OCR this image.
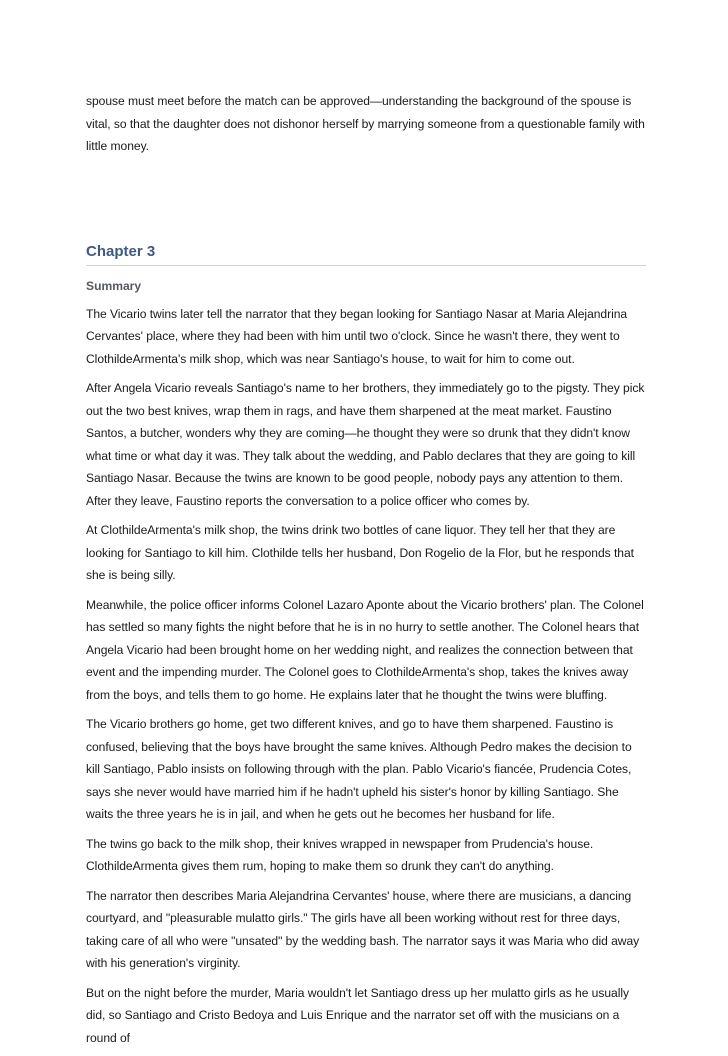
spouse must meet before the match can be approved—understanding the background of the spouse is vital, so that the daughter does not dishonor herself by marrying someone from a questionable family with little money.

Chapter 3
Summary

The Vicario twins later tell the narrator that they began looking for Santiago Nasar at Maria Alejandrina Cervantes' place, where they had been with him until two o'clock. Since he wasn't there, they went to ClothildeArmenta's milk shop, which was near Santiago's house, to wait for him to come out.

After Angela Vicario reveals Santiago's name to her brothers, they immediately go to the pigsty. They pick out the two best knives, wrap them in rags, and have them sharpened at the meat market. Faustino Santos, a butcher, wonders why they are coming—he thought they were so drunk that they didn't know what time or what day it was. They talk about the wedding, and Pablo declares that they are going to kill Santiago Nasar. Because the twins are known to be good people, nobody pays any attention to them. After they leave, Faustino reports the conversation to a police officer who comes by.

At ClothildeArmenta's milk shop, the twins drink two bottles of cane liquor. They tell her that they are looking for Santiago to kill him. Clothilde tells her husband, Don Rogelio de la Flor, but he responds that she is being silly.

Meanwhile, the police officer informs Colonel Lazaro Aponte about the Vicario brothers' plan. The Colonel has settled so many fights the night before that he is in no hurry to settle another. The Colonel hears that Angela Vicario had been brought home on her wedding night, and realizes the connection between that event and the impending murder. The Colonel goes to ClothildeArmenta's shop, takes the knives away from the boys, and tells them to go home. He explains later that he thought the twins were bluffing.

The Vicario brothers go home, get two different knives, and go to have them sharpened. Faustino is confused, believing that the boys have brought the same knives. Although Pedro makes the decision to kill Santiago, Pablo insists on following through with the plan. Pablo Vicario's fiancée, Prudencia Cotes, says she never would have married him if he hadn't upheld his sister's honor by killing Santiago. She waits the three years he is in jail, and when he gets out he becomes her husband for life.

The twins go back to the milk shop, their knives wrapped in newspaper from Prudencia's house. ClothildeArmenta gives them rum, hoping to make them so drunk they can't do anything.

The narrator then describes Maria Alejandrina Cervantes' house, where there are musicians, a dancing courtyard, and "pleasurable mulatto girls." The girls have all been working without rest for three days, taking care of all who were "unsated" by the wedding bash. The narrator says it was Maria who did away with his generation's virginity.

But on the night before the murder, Maria wouldn't let Santiago dress up her mulatto girls as he usually did, so Santiago and Cristo Bedoya and Luis Enrique and the narrator set off with the musicians on a round of
